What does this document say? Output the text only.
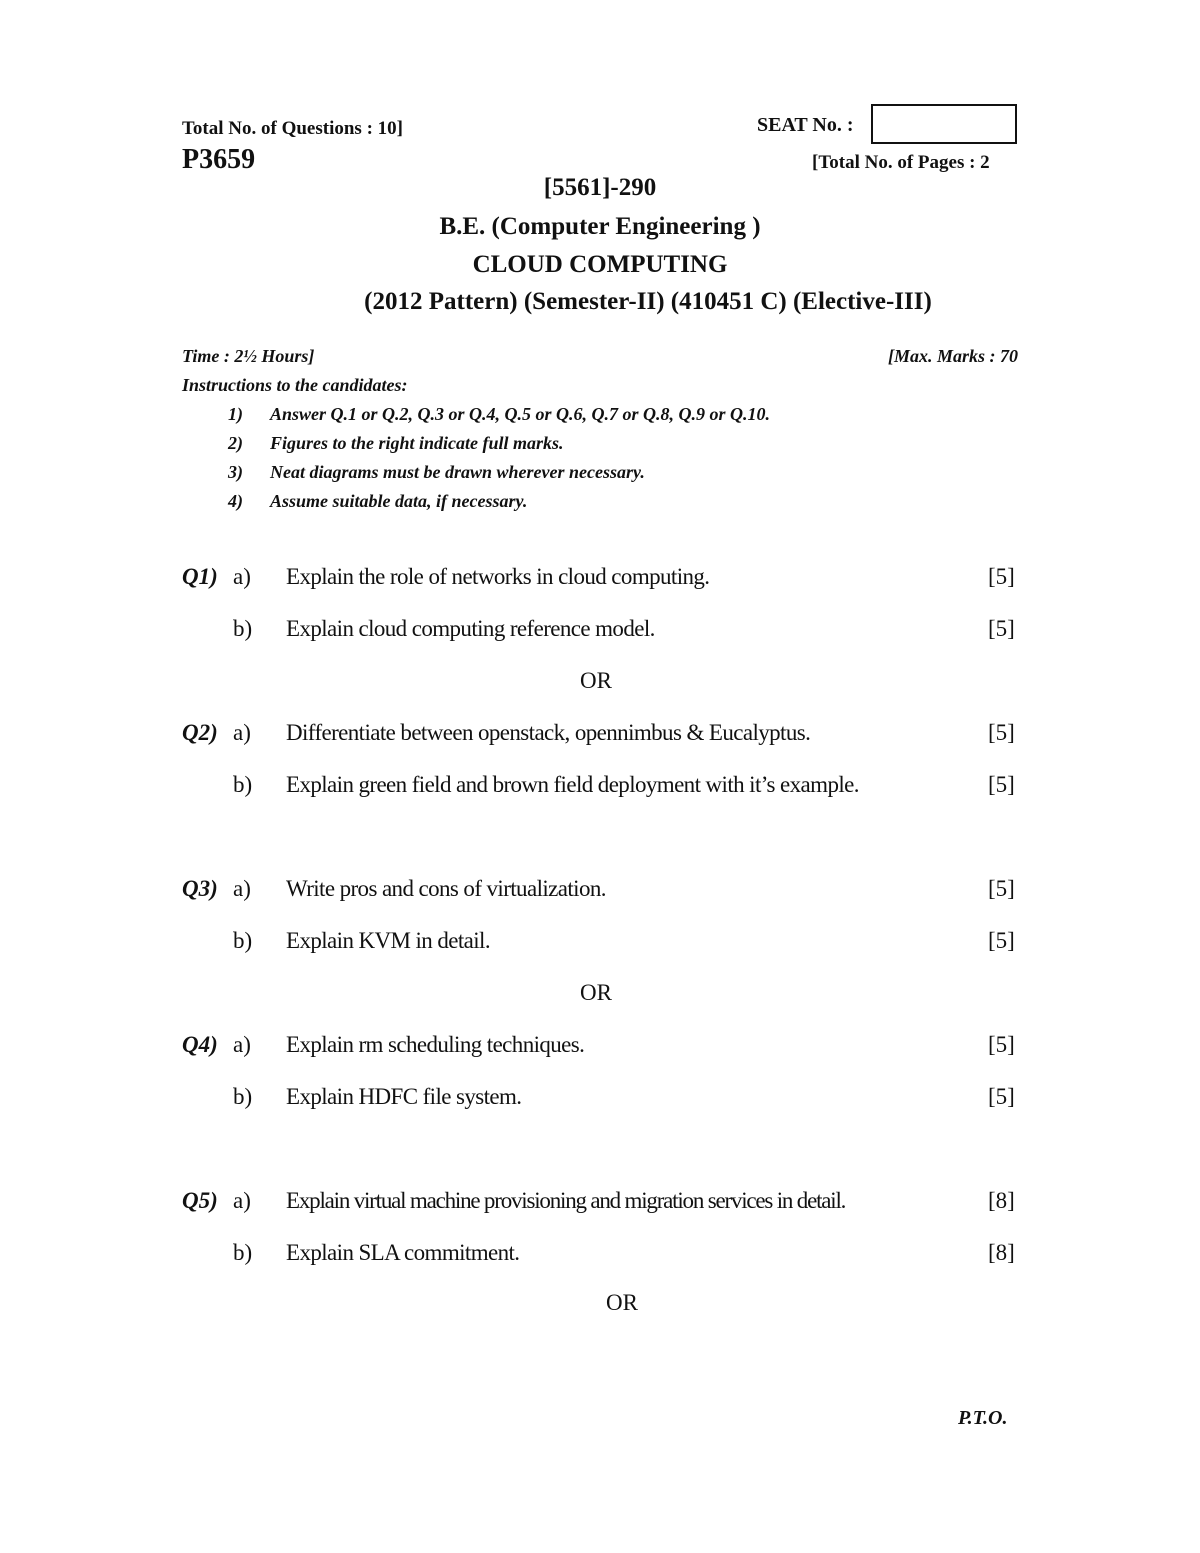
Total No. of Questions : 10]
P3659
SEAT No. :
[Total No. of Pages : 2
[5561]-290
B.E. (Computer Engineering )
CLOUD COMPUTING
(2012 Pattern) (Semester-II) (410451 C) (Elective-III)
Time : 2½ Hours]	[Max. Marks : 70
Instructions to the candidates:
1) Answer Q.1 or Q.2, Q.3 or Q.4, Q.5 or Q.6, Q.7 or Q.8, Q.9 or Q.10.
2) Figures to the right indicate full marks.
3) Neat diagrams must be drawn wherever necessary.
4) Assume suitable data, if necessary.
Q1) a) Explain the role of networks in cloud computing.	[5]
b) Explain cloud computing reference model.	[5]
OR
Q2) a) Differentiate between openstack, opennimbus & Eucalyptus.	[5]
b) Explain green field and brown field deployment with it’s example.	[5]
Q3) a) Write pros and cons of virtualization.	[5]
b) Explain KVM in detail.	[5]
OR
Q4) a) Explain rm scheduling techniques.	[5]
b) Explain HDFC file system.	[5]
Q5) a) Explain virtual machine provisioning and migration services in detail.	[8]
b) Explain SLA commitment.	[8]
OR
P.T.O.
